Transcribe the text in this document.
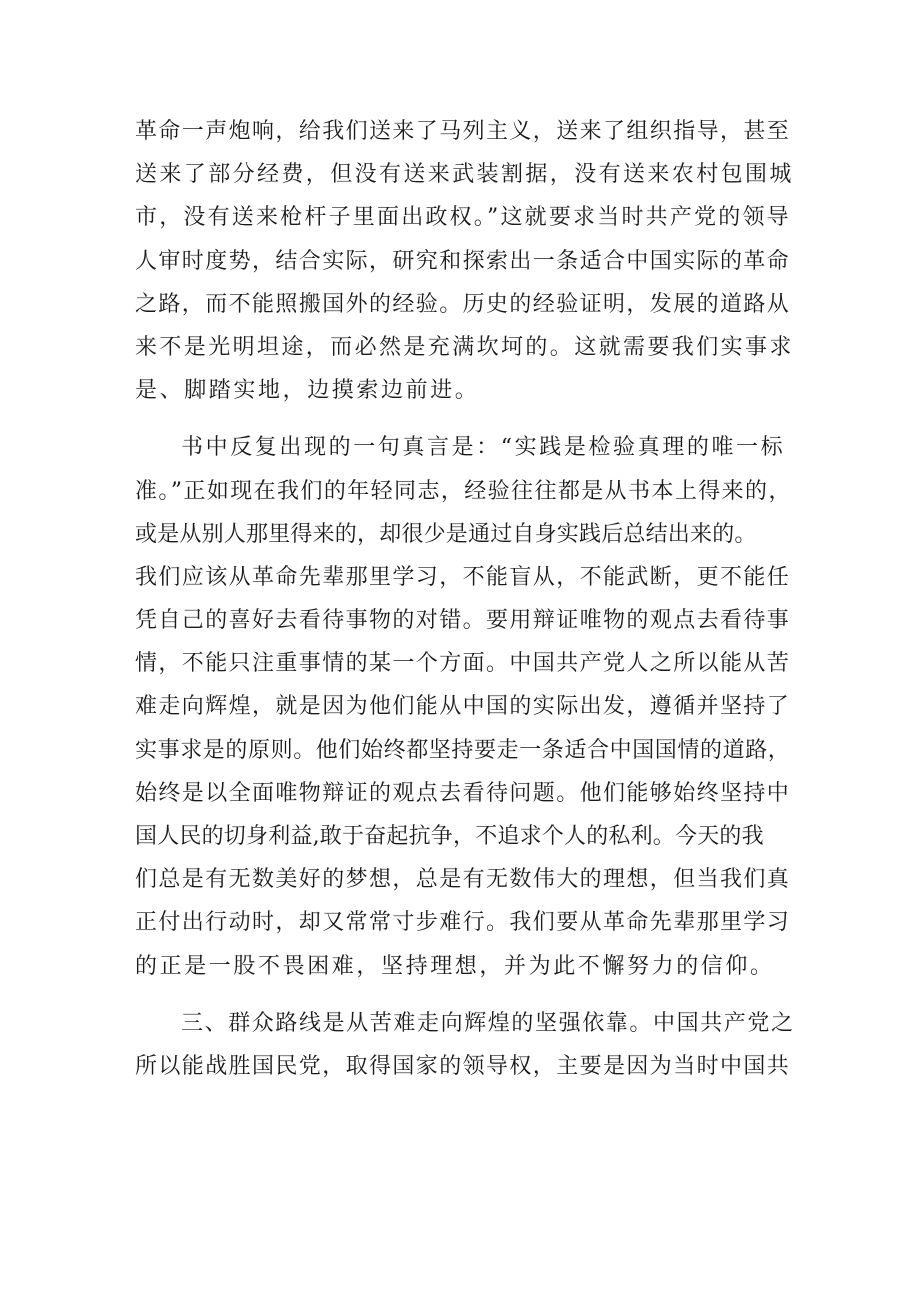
革命一声炮响，给我们送来了马列主义，送来了组织指导，甚至
送来了部分经费，但没有送来武装割据，没有送来农村包围城
市，没有送来枪杆子里面出政权。”这就要求当时共产党的领导
人审时度势，结合实际，研究和探索出一条适合中国实际的革命
之路，而不能照搬国外的经验。历史的经验证明，发展的道路从
来不是光明坦途，而必然是充满坎坷的。这就需要我们实事求
是、脚踏实地，边摸索边前进。
书中反复出现的一句真言是：“实践是检验真理的唯一标
准。”正如现在我们的年轻同志，经验往往都是从书本上得来的，
或是从别人那里得来的，却很少是通过自身实践后总结出来的。
我们应该从革命先辈那里学习，不能盲从，不能武断，更不能任
凭自己的喜好去看待事物的对错。要用辩证唯物的观点去看待事
情，不能只注重事情的某一个方面。中国共产党人之所以能从苦
难走向辉煌，就是因为他们能从中国的实际出发，遵循并坚持了
实事求是的原则。他们始终都坚持要走一条适合中国国情的道路，
始终是以全面唯物辩证的观点去看待问题。他们能够始终坚持中
国人民的切身利益,敢于奋起抗争，不追求个人的私利。今天的我
们总是有无数美好的梦想，总是有无数伟大的理想，但当我们真
正付出行动时，却又常常寸步难行。我们要从革命先辈那里学习
的正是一股不畏困难，坚持理想，并为此不懈努力的信仰。
三、群众路线是从苦难走向辉煌的坚强依靠。中国共产党之
所以能战胜国民党，取得国家的领导权，主要是因为当时中国共
